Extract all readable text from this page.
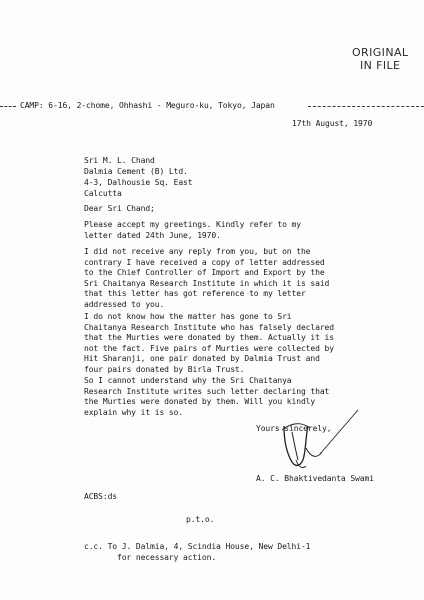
ORIGINAL
IN FILE
CAMP: 6-16, 2-chome, Ohhashi - Meguro-ku, Tokyo, Japan
17th August, 1970
Sri M. L. Chand
Dalmia Cement (B) Ltd.
4-3, Dalhousie Sq. East
Calcutta
Dear Sri Chand;
Please accept my greetings. Kindly refer to my
letter dated 24th June, 1970.
I did not receive any reply from you, but on the
contrary I have received a copy of letter addressed
to the Chief Controller of Import and Export by the
Sri Chaitanya Research Institute in which it is said
that this letter has got reference to my letter
addressed to you.
I do not know how the matter has gone to Sri
Chaitanya Research Institute who has falsely declared
that the Murties were donated by them. Actually it is
not the fact. Five pairs of Murties were collected by
Hit Sharanji, one pair donated by Dalmia Trust and
four pairs donated by Birla Trust.
So I cannot understand why the Sri Chaitanya
Research Institute writes such letter declaring that
the Murties were donated by them. Will you kindly
explain why it is so.
Yours sincerely,
A. C. Bhaktivedanta Swami
ACBS:ds
p.t.o.
c.c. To J. Dalmia, 4, Scindia House, New Delhi-1
for necessary action.
